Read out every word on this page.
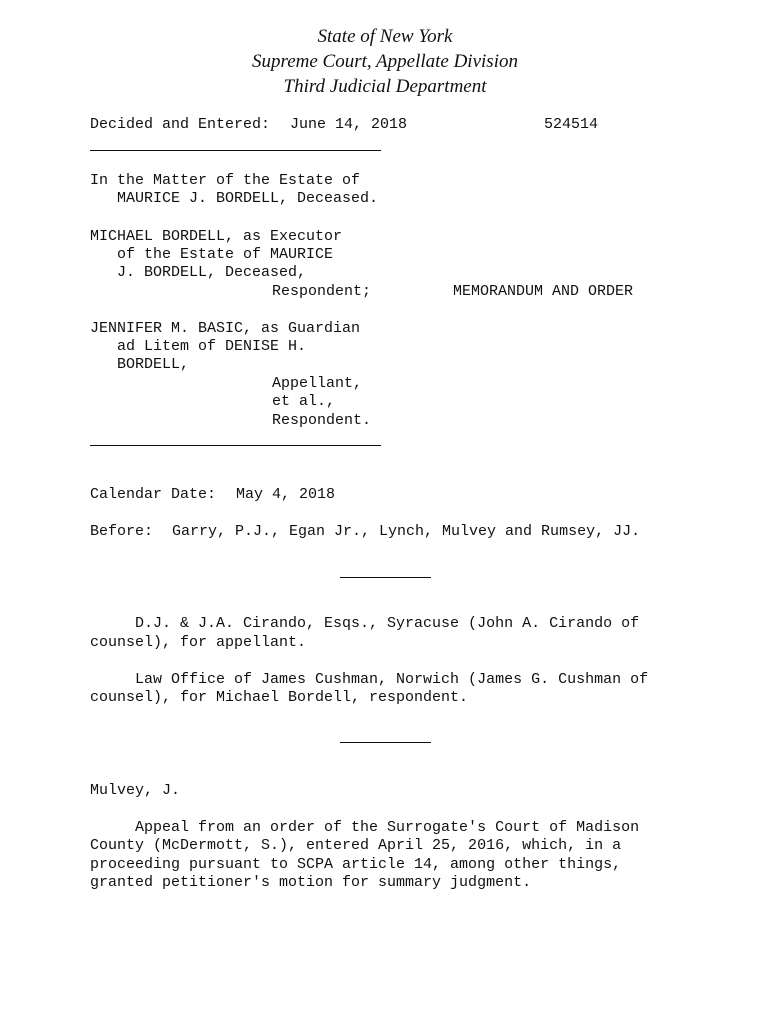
State of New York
Supreme Court, Appellate Division
Third Judicial Department
Decided and Entered: June 14, 2018	524514
In the Matter of the Estate of
MAURICE J. BORDELL, Deceased.
MICHAEL BORDELL, as Executor
of the Estate of MAURICE
J. BORDELL, Deceased,
Respondent;	MEMORANDUM AND ORDER
JENNIFER M. BASIC, as Guardian
ad Litem of DENISE H.
BORDELL,
Appellant,
et al.,
Respondent.
Calendar Date: May 4, 2018
Before: Garry, P.J., Egan Jr., Lynch, Mulvey and Rumsey, JJ.
D.J. & J.A. Cirando, Esqs., Syracuse (John A. Cirando of
counsel), for appellant.
Law Office of James Cushman, Norwich (James G. Cushman of
counsel), for Michael Bordell, respondent.
Mulvey, J.
Appeal from an order of the Surrogate's Court of Madison
County (McDermott, S.), entered April 25, 2016, which, in a
proceeding pursuant to SCPA article 14, among other things,
granted petitioner's motion for summary judgment.
